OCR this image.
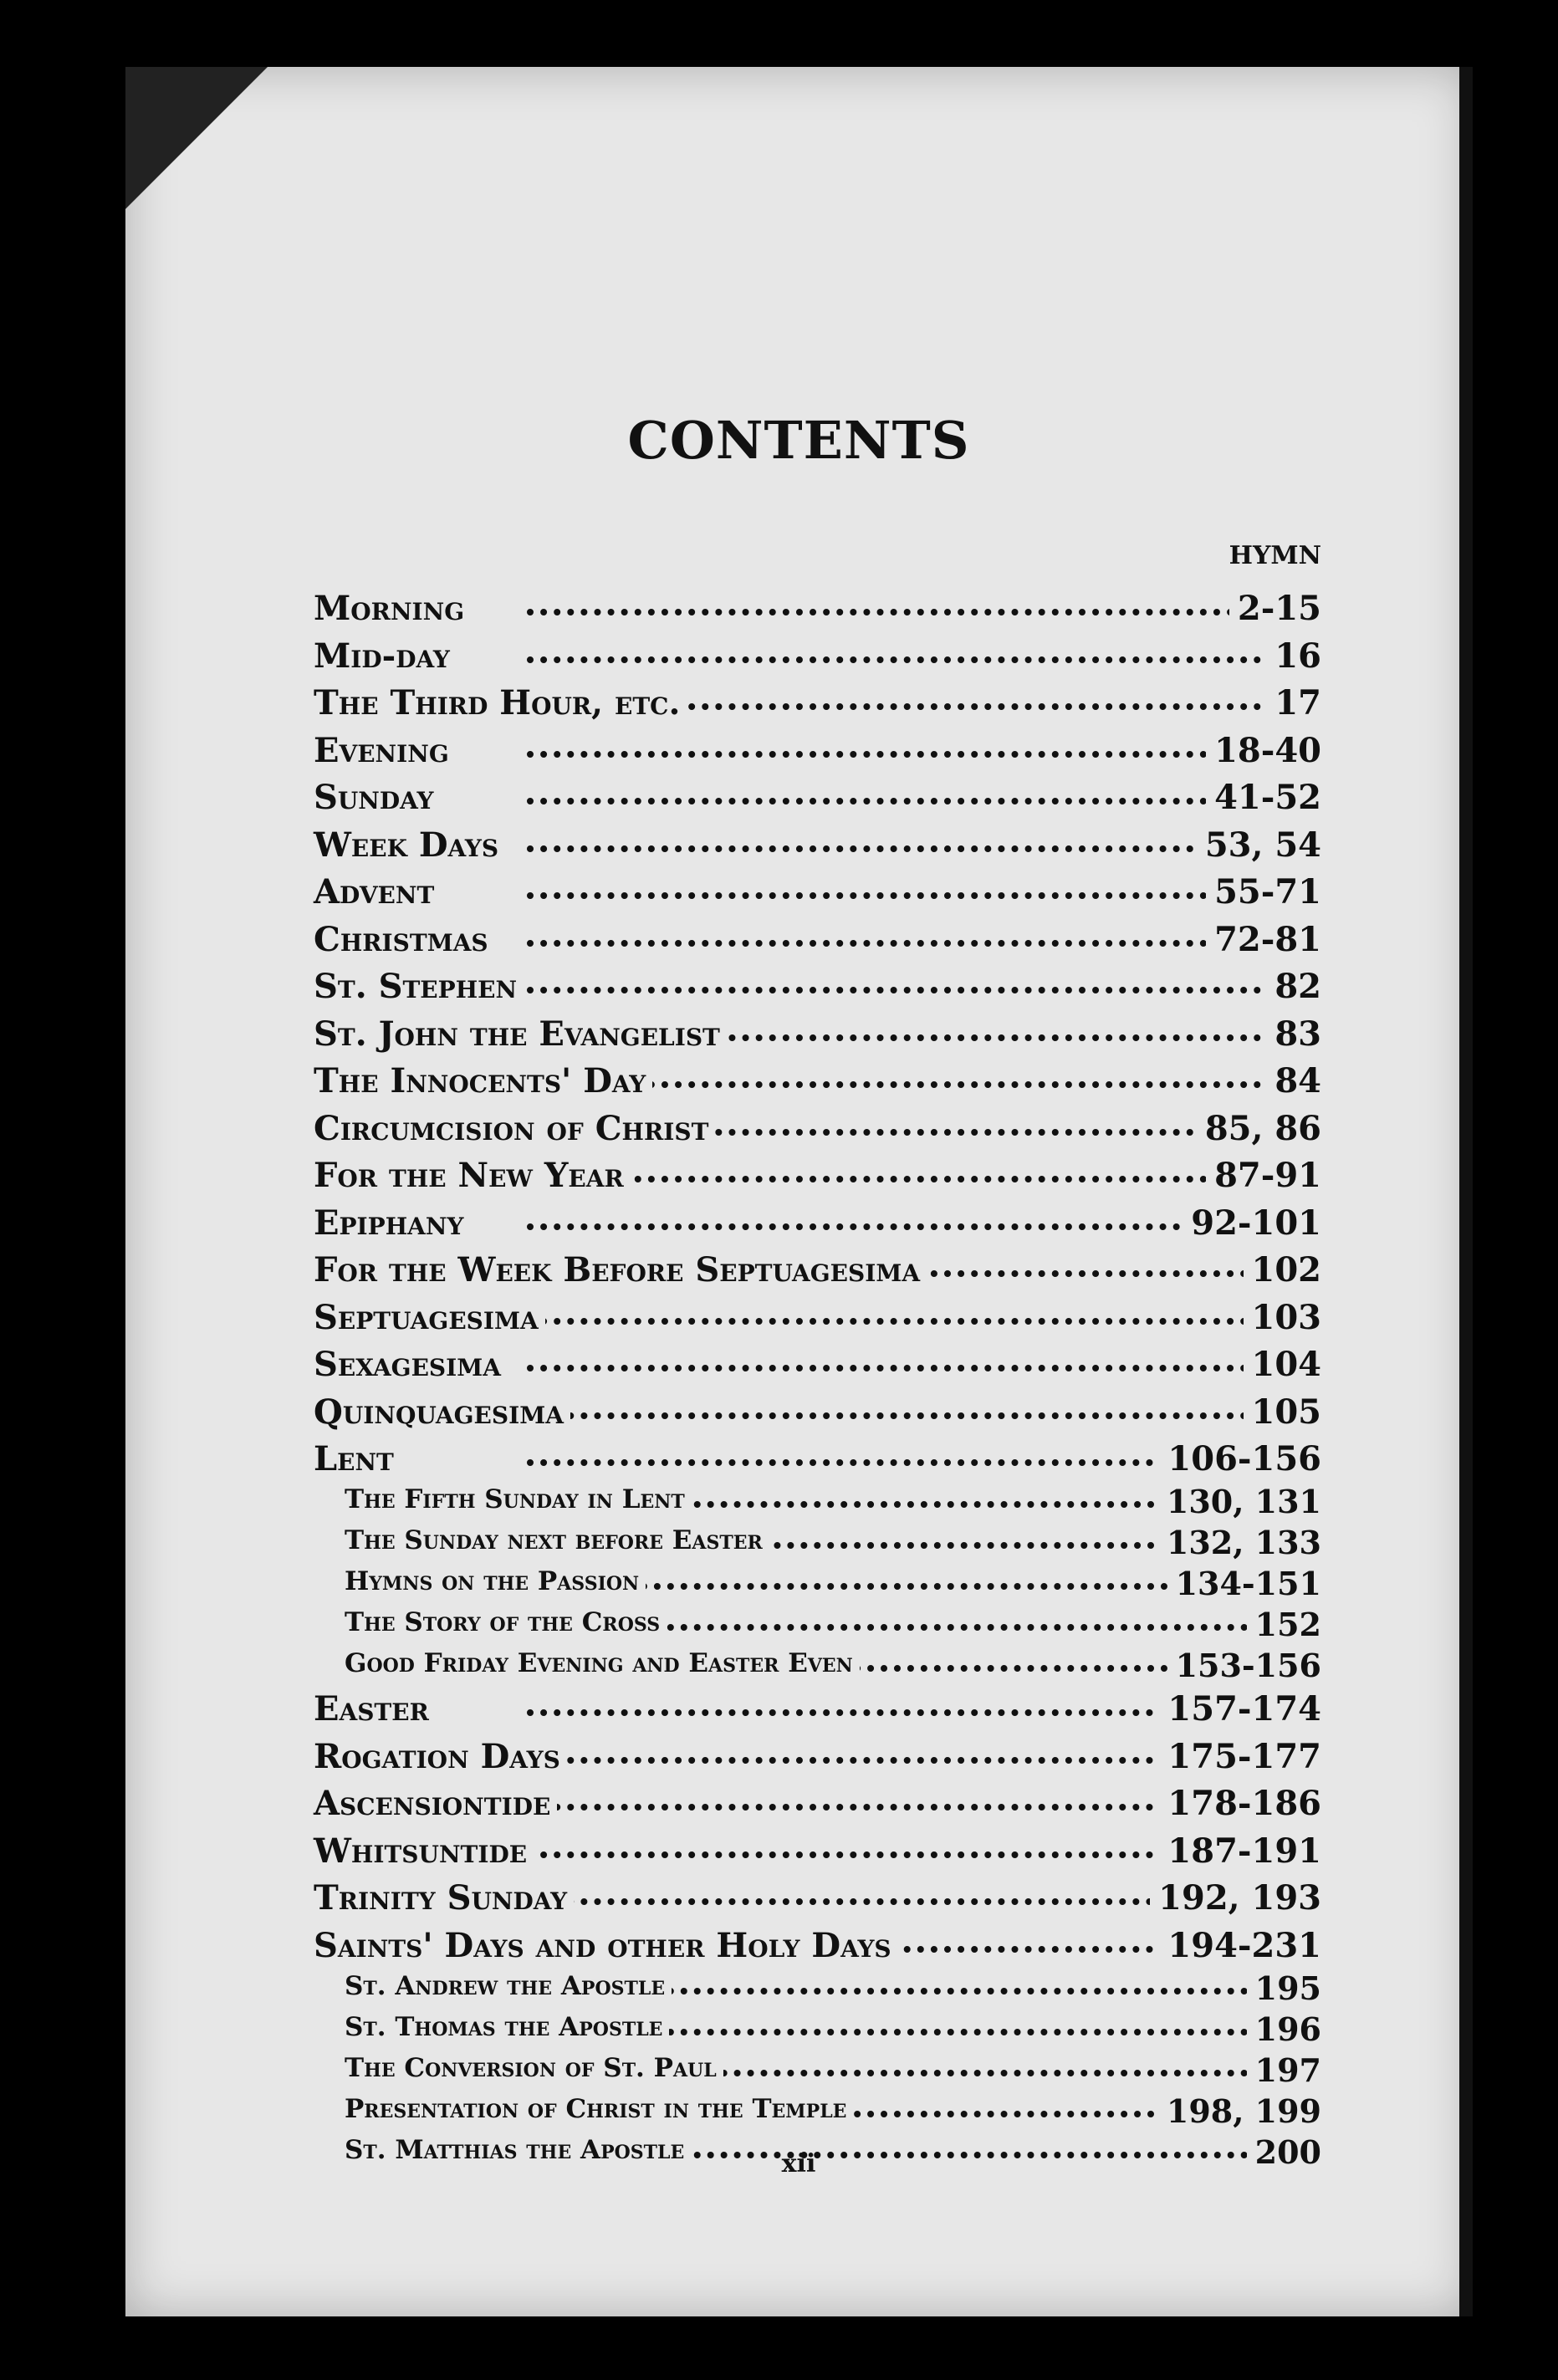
CONTENTS
HYMN
Morning	2-15
Mid-day	16
The Third Hour, etc.	17
Evening	18-40
Sunday	41-52
Week Days	53, 54
Advent	55-71
Christmas	72-81
St. Stephen	82
St. John the Evangelist	83
The Innocents' Day	84
Circumcision of Christ	85, 86
For the New Year	87-91
Epiphany	92-101
For the Week Before Septuagesima	102
Septuagesima	103
Sexagesima	104
Quinquagesima	105
Lent	106-156
The Fifth Sunday in Lent	130, 131
The Sunday next before Easter	132, 133
Hymns on the Passion	134-151
The Story of the Cross	152
Good Friday Evening and Easter Even	153-156
Easter	157-174
Rogation Days	175-177
Ascensiontide	178-186
Whitsuntide	187-191
Trinity Sunday	192, 193
Saints' Days and other Holy Days	194-231
St. Andrew the Apostle	195
St. Thomas the Apostle	196
The Conversion of St. Paul	197
Presentation of Christ in the Temple	198, 199
St. Matthias the Apostle	200
xii
